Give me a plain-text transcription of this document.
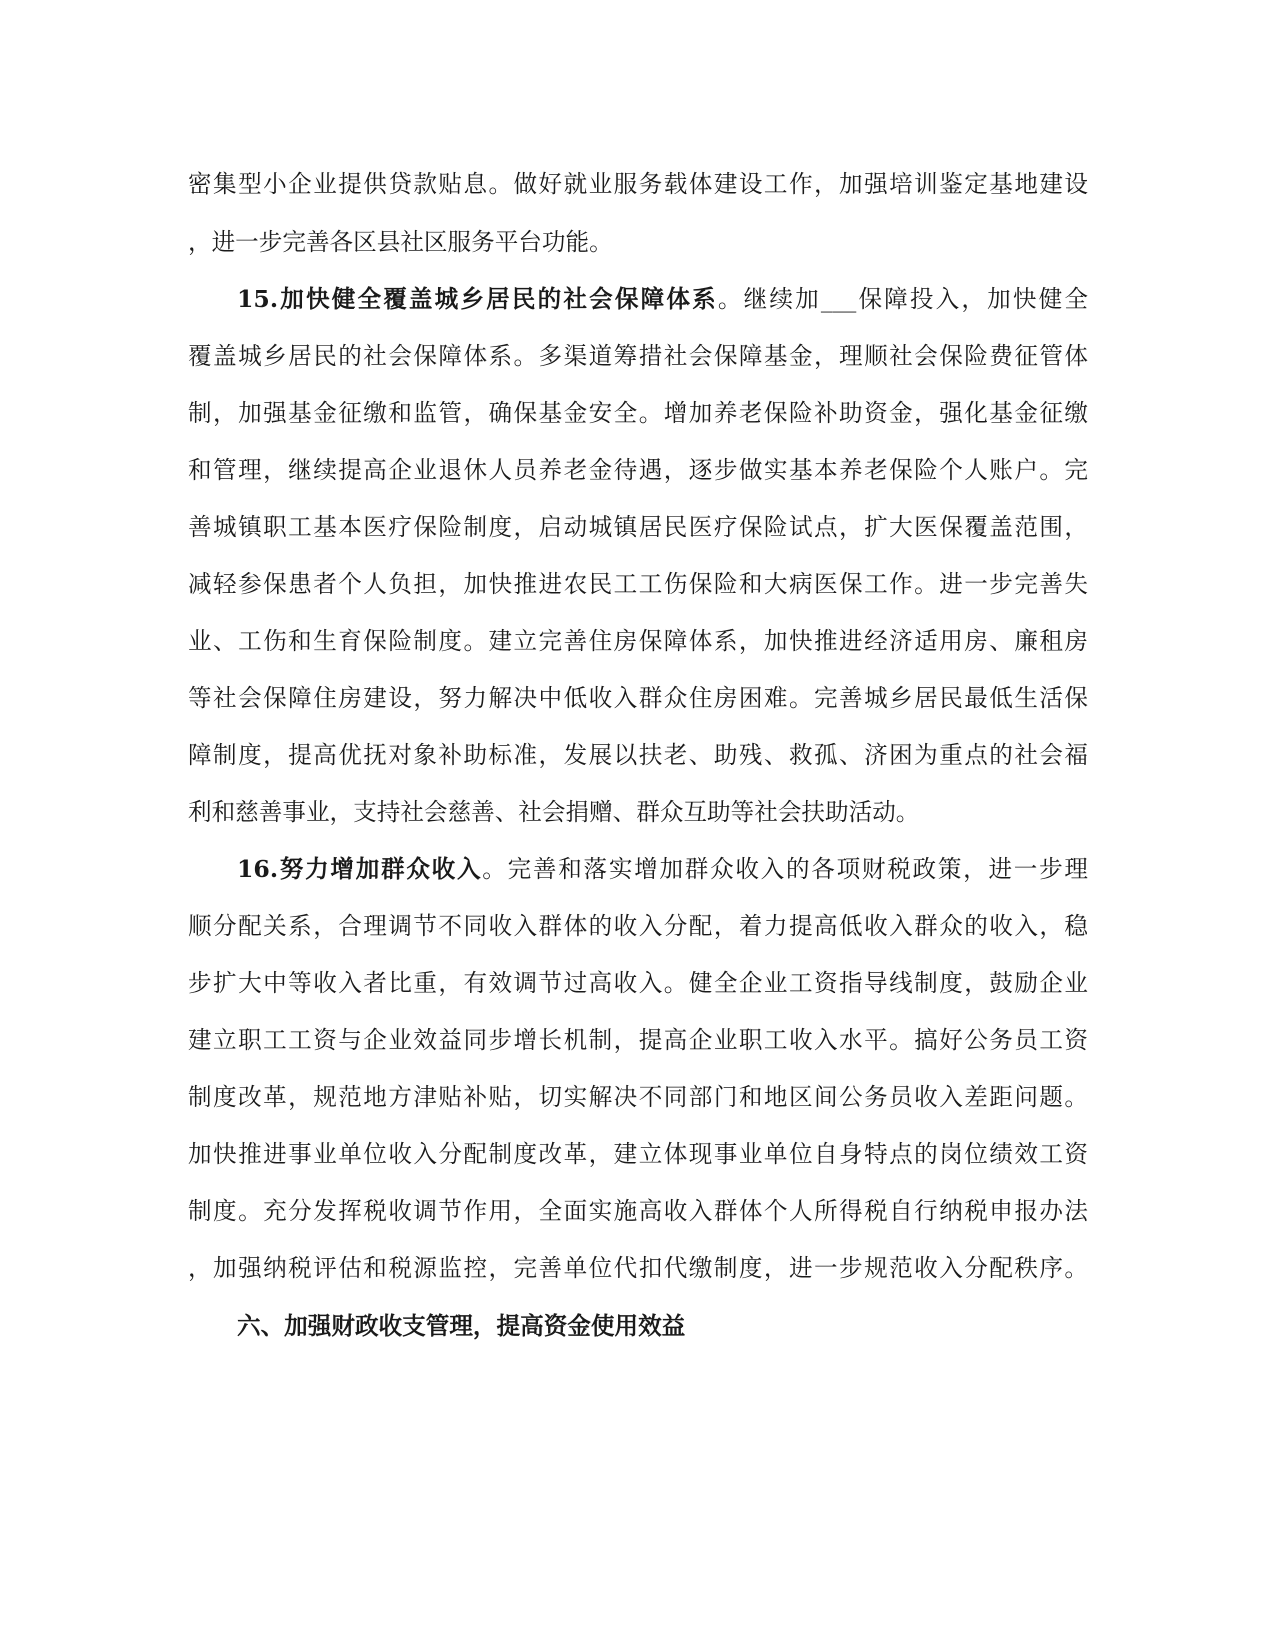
密集型小企业提供贷款贴息。做好就业服务载体建设工作，加强培训鉴定基地建设
，进一步完善各区县社区服务平台功能。
15.加快健全覆盖城乡居民的社会保障体系。继续加___保障投入，加快健全
覆盖城乡居民的社会保障体系。多渠道筹措社会保障基金，理顺社会保险费征管体
制，加强基金征缴和监管，确保基金安全。增加养老保险补助资金，强化基金征缴
和管理，继续提高企业退休人员养老金待遇，逐步做实基本养老保险个人账户。完
善城镇职工基本医疗保险制度，启动城镇居民医疗保险试点，扩大医保覆盖范围，
减轻参保患者个人负担，加快推进农民工工伤保险和大病医保工作。进一步完善失
业、工伤和生育保险制度。建立完善住房保障体系，加快推进经济适用房、廉租房
等社会保障住房建设，努力解决中低收入群众住房困难。完善城乡居民最低生活保
障制度，提高优抚对象补助标准，发展以扶老、助残、救孤、济困为重点的社会福
利和慈善事业，支持社会慈善、社会捐赠、群众互助等社会扶助活动。
16.努力增加群众收入。完善和落实增加群众收入的各项财税政策，进一步理
顺分配关系，合理调节不同收入群体的收入分配，着力提高低收入群众的收入，稳
步扩大中等收入者比重，有效调节过高收入。健全企业工资指导线制度，鼓励企业
建立职工工资与企业效益同步增长机制，提高企业职工收入水平。搞好公务员工资
制度改革，规范地方津贴补贴，切实解决不同部门和地区间公务员收入差距问题。
加快推进事业单位收入分配制度改革，建立体现事业单位自身特点的岗位绩效工资
制度。充分发挥税收调节作用，全面实施高收入群体个人所得税自行纳税申报办法
，加强纳税评估和税源监控，完善单位代扣代缴制度，进一步规范收入分配秩序。
六、加强财政收支管理，提高资金使用效益
